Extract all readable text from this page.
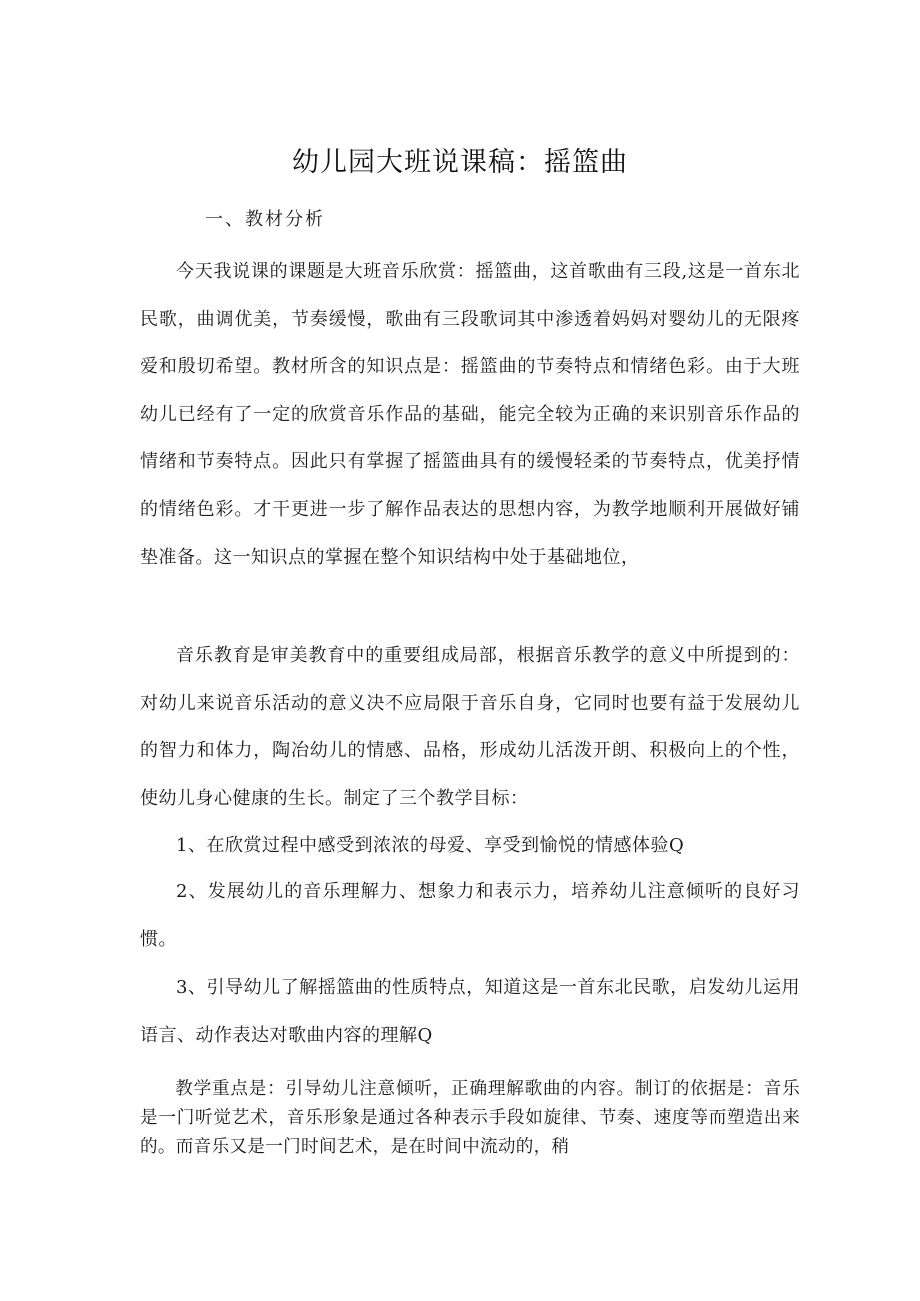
幼儿园大班说课稿：摇篮曲
一、教材分析

今天我说课的课题是大班音乐欣赏：摇篮曲，这首歌曲有三段,这是一首东北民歌，曲调优美，节奏缓慢，歌曲有三段歌词其中渗透着妈妈对婴幼儿的无限疼爱和殷切希望。教材所含的知识点是：摇篮曲的节奏特点和情绪色彩。由于大班幼儿已经有了一定的欣赏音乐作品的基础，能完全较为正确的来识别音乐作品的情绪和节奏特点。因此只有掌握了摇篮曲具有的缓慢轻柔的节奏特点，优美抒情的情绪色彩。才干更进一步了解作品表达的思想内容，为教学地顺利开展做好铺垫准备。这一知识点的掌握在整个知识结构中处于基础地位，

音乐教育是审美教育中的重要组成局部，根据音乐教学的意义中所提到的：对幼儿来说音乐活动的意义决不应局限于音乐自身，它同时也要有益于发展幼儿的智力和体力，陶冶幼儿的情感、品格，形成幼儿活泼开朗、积极向上的个性，使幼儿身心健康的生长。制定了三个教学目标：

1、在欣赏过程中感受到浓浓的母爱、享受到愉悦的情感体验Q

2、发展幼儿的音乐理解力、想象力和表示力，培养幼儿注意倾听的良好习惯。

3、引导幼儿了解摇篮曲的性质特点，知道这是一首东北民歌，启发幼儿运用语言、动作表达对歌曲内容的理解Q

教学重点是：引导幼儿注意倾听，正确理解歌曲的内容。制订的依据是：音乐是一门听觉艺术，音乐形象是通过各种表示手段如旋律、节奏、速度等而塑造出来的。而音乐又是一门时间艺术，是在时间中流动的，稍
